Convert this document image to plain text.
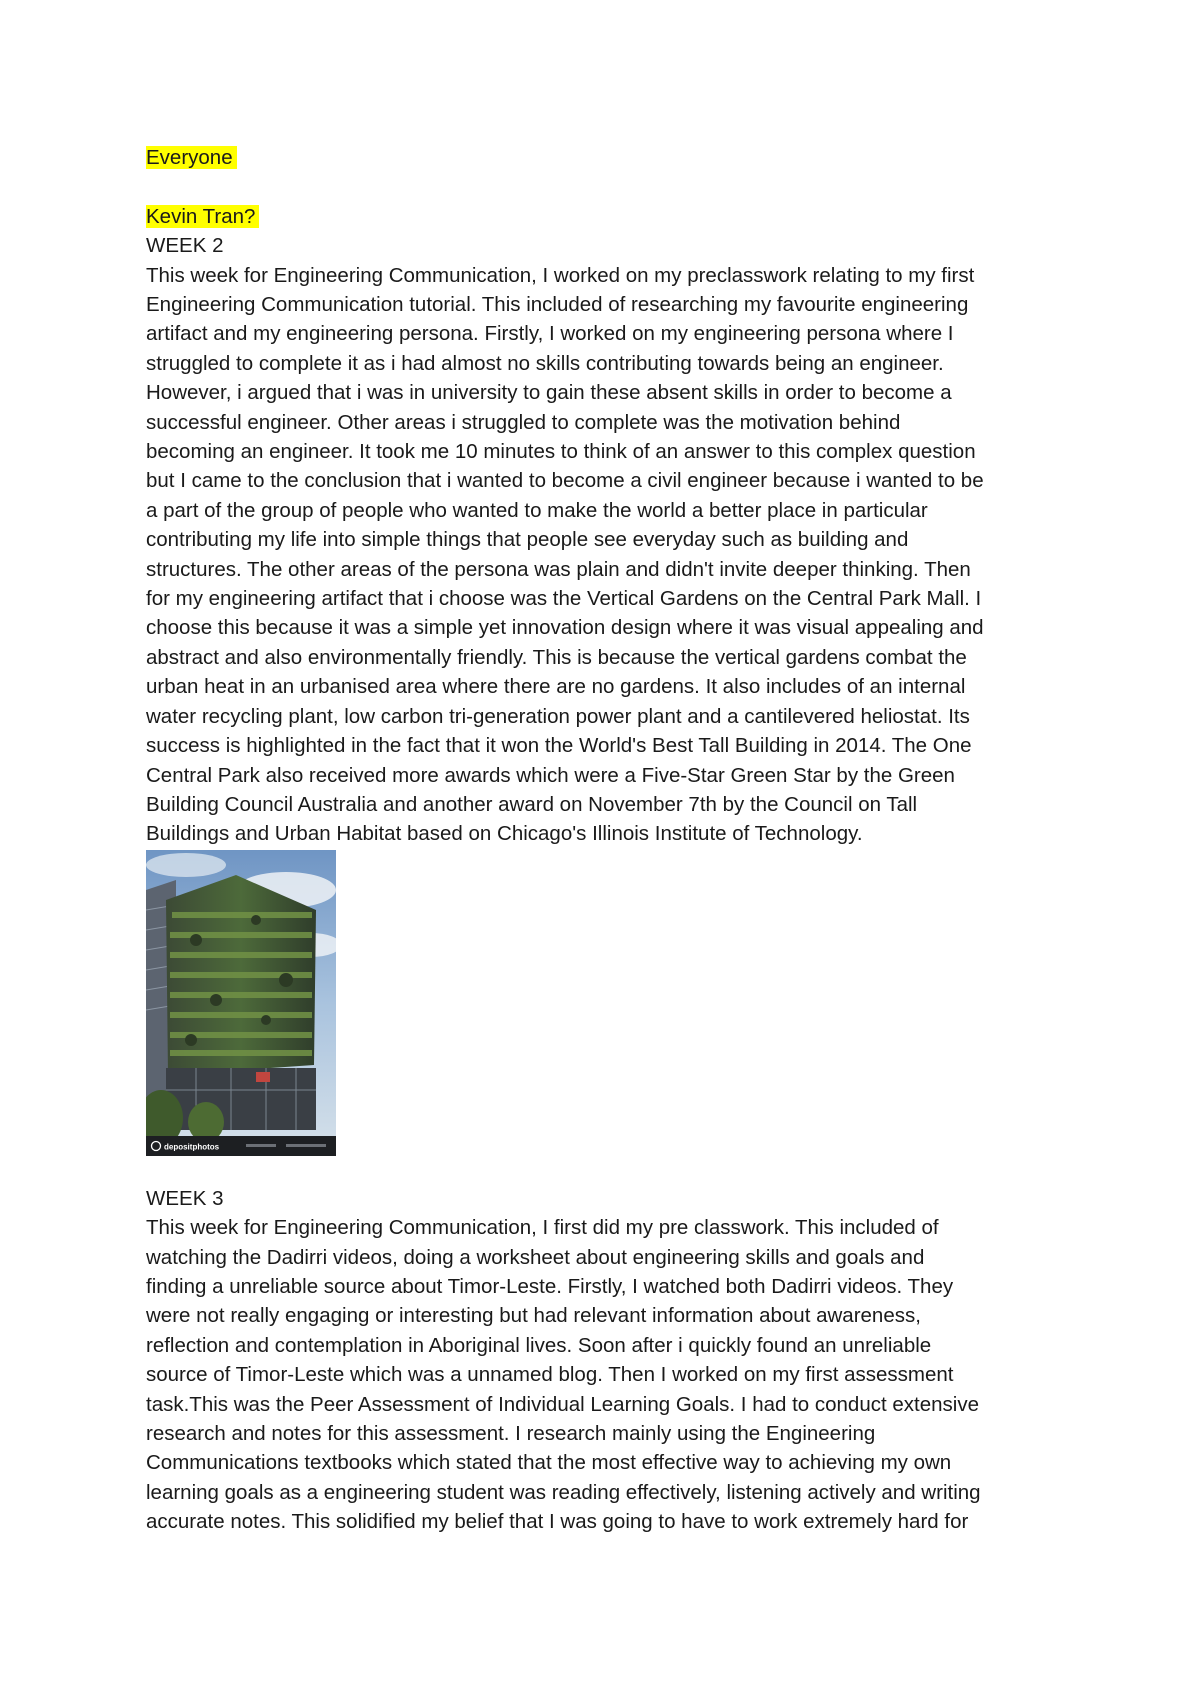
Everyone
Kevin Tran?
WEEK 2
This week for Engineering Communication, I worked on my preclasswork relating to my first
Engineering Communication tutorial. This included of researching my favourite engineering
artifact and my engineering persona. Firstly, I worked on my engineering persona where I
struggled to complete it as i had almost no skills contributing towards being an engineer.
However, i argued that i was in university to gain these absent skills in order to become a
successful engineer. Other areas i struggled to complete was the motivation behind
becoming an engineer. It took me 10 minutes to think of an answer to this complex question
but I came to the conclusion that i wanted to become a civil engineer because i wanted to be
a part of the group of people who wanted to make the world a better place in particular
contributing my life into simple things that people see everyday such as building and
structures. The other areas of the persona was plain and didn't invite deeper thinking. Then
for my engineering artifact that i choose was the Vertical Gardens on the Central Park Mall. I
choose this because it was a simple yet innovation design where it was visual appealing and
abstract and also environmentally friendly. This is because the vertical gardens combat the
urban heat in an urbanised area where there are no gardens. It also includes of an internal
water recycling plant, low carbon tri-generation power plant and a cantilevered heliostat. Its
success is highlighted in the fact that it won the World's Best Tall Building in 2014. The One
Central Park also received more awards which were a Five-Star Green Star by the Green
Building Council Australia and another award on November 7th by the Council on Tall
Buildings and Urban Habitat based on Chicago's Illinois Institute of Technology.
depositphotos
WEEK 3
This week for Engineering Communication, I first did my pre classwork. This included of
watching the Dadirri videos, doing a worksheet about engineering skills and goals and
finding a unreliable source about Timor-Leste. Firstly, I watched both Dadirri videos. They
were not really engaging or interesting but had relevant information about awareness,
reflection and contemplation in Aboriginal lives. Soon after i quickly found an unreliable
source of Timor-Leste which was a unnamed blog. Then I worked on my first assessment
task.This was the Peer Assessment of Individual Learning Goals. I had to conduct extensive
research and notes for this assessment. I research mainly using the Engineering
Communications textbooks which stated that the most effective way to achieving my own
learning goals as a engineering student was reading effectively, listening actively and writing
accurate notes. This solidified my belief that I was going to have to work extremely hard for
